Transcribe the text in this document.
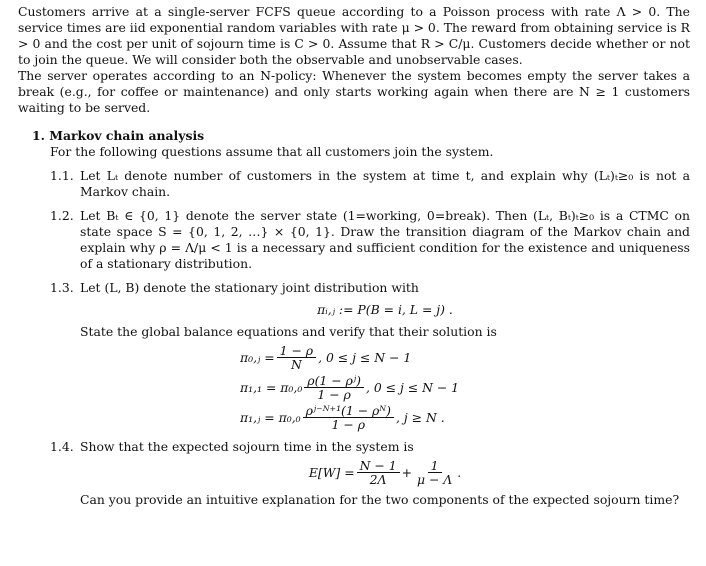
Customers arrive at a single-server FCFS queue according to a Poisson process with rate Λ > 0. The service times are iid exponential random variables with rate μ > 0. The reward from obtaining service is R > 0 and the cost per unit of sojourn time is C > 0. Assume that R > C/μ. Customers decide whether or not to join the queue. We will consider both the observable and unobservable cases.

The server operates according to an N-policy: Whenever the system becomes empty the server takes a break (e.g., for coffee or maintenance) and only starts working again when there are N ≥ 1 customers waiting to be served.

1. Markov chain analysis

For the following questions assume that all customers join the system.

1.1. Let Lₜ denote number of customers in the system at time t, and explain why (Lₜ)ₜ≥₀ is not a Markov chain.
1.2. Let Bₜ ∈ {0, 1} denote the server state (1=working, 0=break). Then (Lₜ, Bₜ)ₜ≥₀ is a CTMC on state space S = {0, 1, 2, …} × {0, 1}. Draw the transition diagram of the Markov chain and explain why ρ = Λ/μ < 1 is a necessary and sufficient condition for the existence and uniqueness of a stationary distribution.
1.3. Let (L, B) denote the stationary joint distribution with
πᵢ,ⱼ := P(B = i, L = j) .
State the global balance equations and verify that their solution is
π₀,ⱼ = $\frac{1 - \rho}{N}$ , 0 ≤ j ≤ N − 1
$\pi_1,_1 = \pi_0,_0 \frac{\text{ρ(1 − ρʲ)}}{1 - \rho}$ , 0 ≤ j ≤ N − 1
π₁,ⱼ = $\pi_0,_0 \frac{\text{ρʲ⁻ᴺ⁺¹(1 − ρᴺ)}}{1 - \rho}$ , j ≥ N .
1.4. Show that the expected sojourn time in the system is
$E[W] = \frac{N - 1}{2\Lambda} + \frac{1}{\mu - \Lambda}$ .
Can you provide an intuitive explanation for the two components of the expected sojourn time?
